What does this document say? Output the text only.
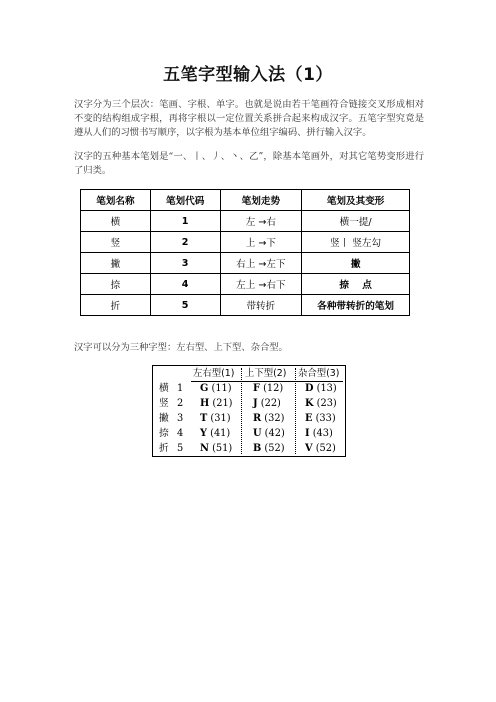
五笔字型输入法（1）
汉字分为三个层次：笔画、字根、单字。也就是说由若干笔画符合链接交叉形成相对不变的结构组成字根，再将字根以一定位置关系拼合起来构成汉字。五笔字型究竟是遵从人们的习惯书写顺序，以字根为基本单位组字编码、拼行输入汉字。
汉字的五种基本笔划是“一、丨、丿、丶、乙”，除基本笔画外，对其它笔势变形进行了归类。
笔划名称	笔划代码	笔划走势	笔划及其变形
横	1	左 →右	横一提/
竖	2	上 →下	竖丨 竖左勾
撇	3	右上 →左下	撇
捺	4	左上 →右下	捺    点
折	5	带转折	各种带转折的笔划
汉字可以分为三种字型：左右型、上下型、杂合型。
左右型(1) 上下型(2) 杂合型(3)
横 1 G (11) F (12) D (13)
竖 2 H (21) J (22) K (23)
撇 3 T (31) R (32) E (33)
捺 4 Y (41) U (42) I (43)
折 5 N (51) B (52) V (52)
